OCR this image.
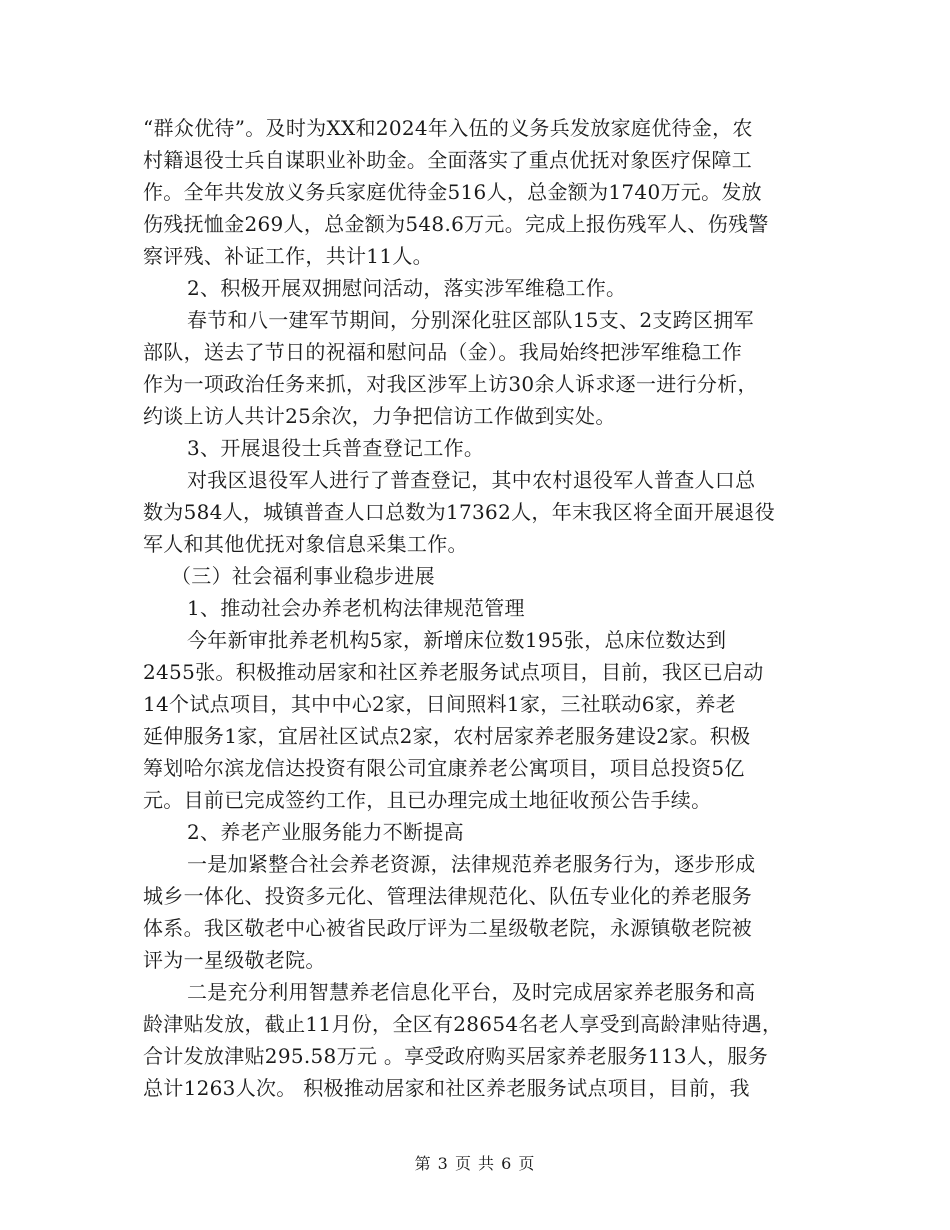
“群众优待”。及时为XX和2024年入伍的义务兵发放家庭优待金，农
村籍退役士兵自谋职业补助金。全面落实了重点优抚对象医疗保障工
作。全年共发放义务兵家庭优待金516人，总金额为1740万元。发放
伤残抚恤金269人，总金额为548.6万元。完成上报伤残军人、伤残警
察评残、补证工作，共计11人。
2、积极开展双拥慰问活动，落实涉军维稳工作。
春节和八一建军节期间，分别深化驻区部队15支、2支跨区拥军
部队，送去了节日的祝福和慰问品（金）。我局始终把涉军维稳工作
作为一项政治任务来抓，对我区涉军上访30余人诉求逐一进行分析，
约谈上访人共计25余次，力争把信访工作做到实处。
3、开展退役士兵普查登记工作。
对我区退役军人进行了普查登记，其中农村退役军人普查人口总
数为584人，城镇普查人口总数为17362人，年末我区将全面开展退役
军人和其他优抚对象信息采集工作。
（三）社会福利事业稳步进展
1、推动社会办养老机构法律规范管理
今年新审批养老机构5家，新增床位数195张，总床位数达到
2455张。积极推动居家和社区养老服务试点项目，目前，我区已启动
14个试点项目，其中中心2家，日间照料1家，三社联动6家，养老
延伸服务1家，宜居社区试点2家，农村居家养老服务建设2家。积极
筹划哈尔滨龙信达投资有限公司宜康养老公寓项目，项目总投资5亿
元。目前已完成签约工作，且已办理完成土地征收预公告手续。
2、养老产业服务能力不断提高
一是加紧整合社会养老资源，法律规范养老服务行为，逐步形成
城乡一体化、投资多元化、管理法律规范化、队伍专业化的养老服务
体系。我区敬老中心被省民政厅评为二星级敬老院，永源镇敬老院被
评为一星级敬老院。
二是充分利用智慧养老信息化平台，及时完成居家养老服务和高
龄津贴发放，截止11月份，全区有28654名老人享受到高龄津贴待遇，
合计发放津贴295.58万元 。享受政府购买居家养老服务113人，服务
总计1263人次。 积极推动居家和社区养老服务试点项目，目前，我
第 3 页 共 6 页
